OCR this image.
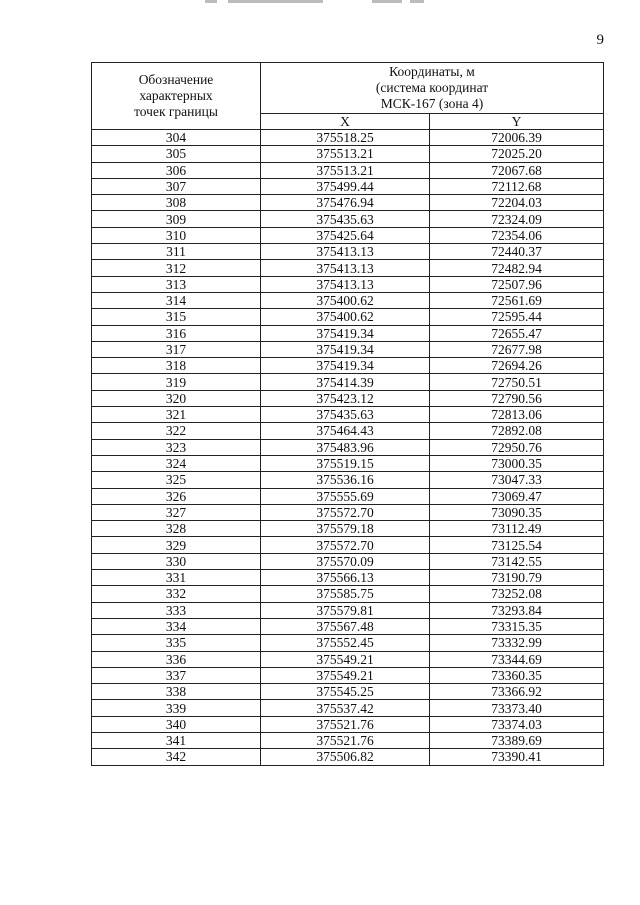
9
Обозначение
характерных
точек границы	Координаты, м
(система координат
МСК-167 (зона 4)	

	X	Y
304	375518.25	72006.39
305	375513.21	72025.20
306	375513.21	72067.68
307	375499.44	72112.68
308	375476.94	72204.03
309	375435.63	72324.09
310	375425.64	72354.06
311	375413.13	72440.37
312	375413.13	72482.94
313	375413.13	72507.96
314	375400.62	72561.69
315	375400.62	72595.44
316	375419.34	72655.47
317	375419.34	72677.98
318	375419.34	72694.26
319	375414.39	72750.51
320	375423.12	72790.56
321	375435.63	72813.06
322	375464.43	72892.08
323	375483.96	72950.76
324	375519.15	73000.35
325	375536.16	73047.33
326	375555.69	73069.47
327	375572.70	73090.35
328	375579.18	73112.49
329	375572.70	73125.54
330	375570.09	73142.55
331	375566.13	73190.79
332	375585.75	73252.08
333	375579.81	73293.84
334	375567.48	73315.35
335	375552.45	73332.99
336	375549.21	73344.69
337	375549.21	73360.35
338	375545.25	73366.92
339	375537.42	73373.40
340	375521.76	73374.03
341	375521.76	73389.69
342	375506.82	73390.41
